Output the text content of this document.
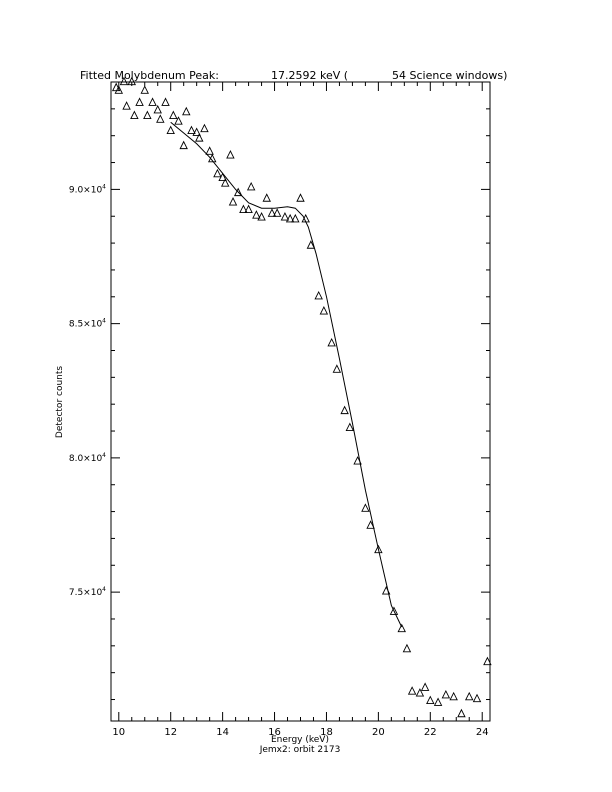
Fitted Molybdenum Peak:	17.2592 keV (	54 Science windows)
10	12	14	16	18	20	22	24
$7.5\times 10^4$
$8.0\times 10^4$
$8.5\times 10^4$
$9.0\times 10^4$
Energy (keV)
Jemx2: orbit 2173
Detector counts
